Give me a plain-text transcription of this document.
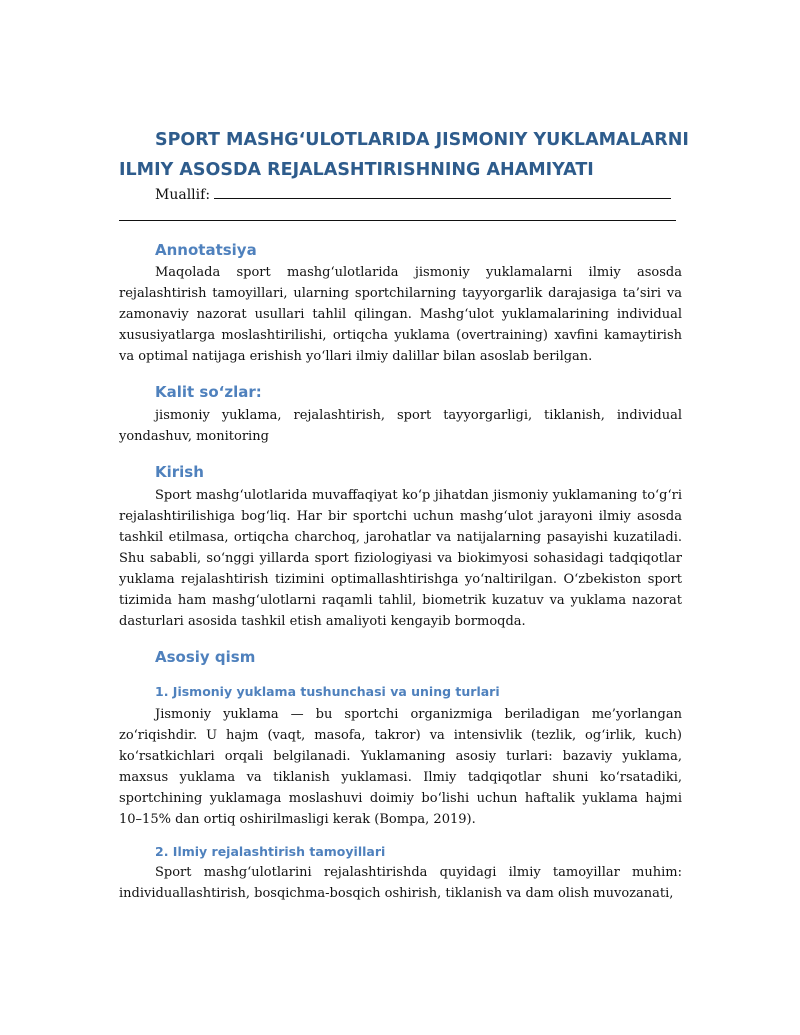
SPORT MASHG‘ULOTLARIDA JISMONIY YUKLAMALARNI
ILMIY ASOSDA REJALASHTIRISHNING AHAMIYATI
Muallif:
Annotatsiya

Maqolada sport mashg‘ulotlarida jismoniy yuklamalarni ilmiy asosda rejalashtirish tamoyillari, ularning sportchilarning tayyorgarlik darajasiga ta’siri va zamonaviy nazorat usullari tahlil qilingan. Mashg‘ulot yuklamalarining individual xususiyatlarga moslashtirilishi, ortiqcha yuklama (overtraining) xavfini kamaytirish va optimal natijaga erishish yo‘llari ilmiy dalillar bilan asoslab berilgan.

Kalit so‘zlar:

jismoniy yuklama, rejalashtirish, sport tayyorgarligi, tiklanish, individual yondashuv, monitoring

Kirish

Sport mashg‘ulotlarida muvaffaqiyat ko‘p jihatdan jismoniy yuklamaning to‘g‘ri rejalashtirilishiga bog‘liq. Har bir sportchi uchun mashg‘ulot jarayoni ilmiy asosda tashkil etilmasa, ortiqcha charchoq, jarohatlar va natijalarning pasayishi kuzatiladi. Shu sababli, so‘nggi yillarda sport fiziologiyasi va biokimyosi sohasidagi tadqiqotlar yuklama rejalashtirish tizimini optimallashtirishga yo‘naltirilgan. O‘zbekiston sport tizimida ham mashg‘ulotlarni raqamli tahlil, biometrik kuzatuv va yuklama nazorat dasturlari asosida tashkil etish amaliyoti kengayib bormoqda.

Asosiy qism
1. Jismoniy yuklama tushunchasi va uning turlari

Jismoniy yuklama — bu sportchi organizmiga beriladigan me’yorlangan zo‘riqishdir. U hajm (vaqt, masofa, takror) va intensivlik (tezlik, og‘irlik, kuch) ko‘rsatkichlari orqali belgilanadi. Yuklamaning asosiy turlari: bazaviy yuklama, maxsus yuklama va tiklanish yuklamasi. Ilmiy tadqiqotlar shuni ko‘rsatadiki, sportchining yuklamaga moslashuvi doimiy bo‘lishi uchun haftalik yuklama hajmi 10–15% dan ortiq oshirilmasligi kerak (Bompa, 2019).

2. Ilmiy rejalashtirish tamoyillari

Sport mashg‘ulotlarini rejalashtirishda quyidagi ilmiy tamoyillar muhim: individuallashtirish, bosqichma-bosqich oshirish, tiklanish va dam olish muvozanati,
